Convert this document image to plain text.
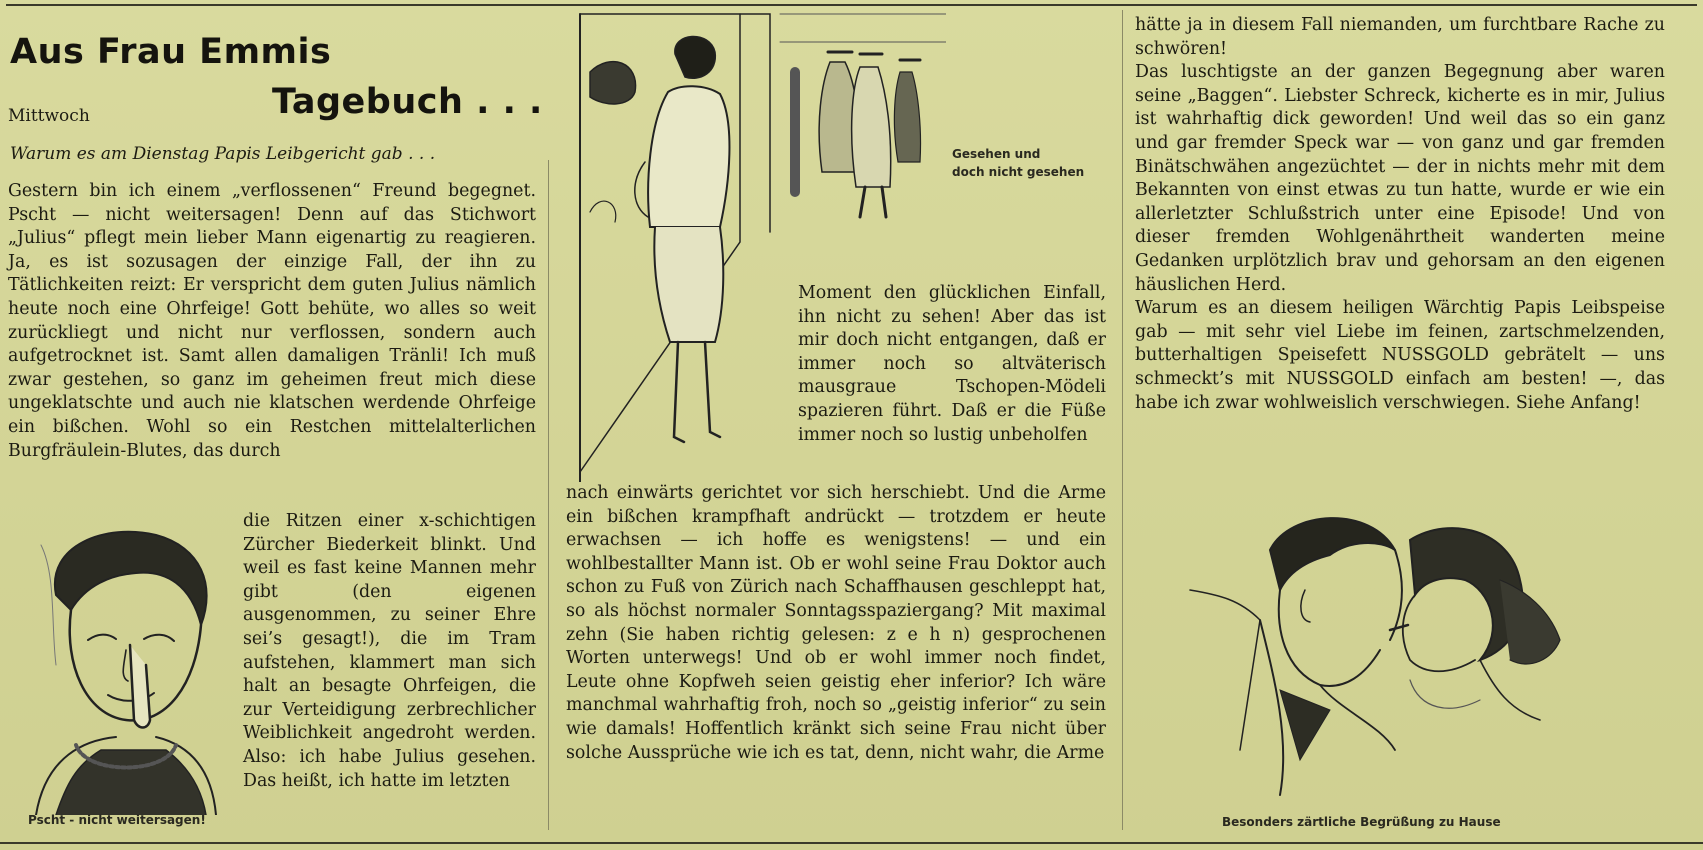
Aus Frau Emmis
Tagebuch . . .
Mittwoch
Warum es am Dienstag Papis Leibgericht gab . . .

Gestern bin ich einem „verflossenen“ Freund begegnet. Pscht — nicht weitersagen! Denn auf das Stichwort „Julius“ pflegt mein lieber Mann eigenartig zu reagieren. Ja, es ist sozusagen der einzige Fall, der ihn zu Tätlichkeiten reizt: Er verspricht dem guten Julius nämlich heute noch eine Ohrfeige! Gott behüte, wo alles so weit zurückliegt und nicht nur verflossen, sondern auch aufgetrocknet ist. Samt allen damaligen Tränli! Ich muß zwar gestehen, so ganz im geheimen freut mich diese ungeklatschte und auch nie klatschen werdende Ohrfeige ein bißchen. Wohl so ein Restchen mittelalterlichen Burgfräulein-Blutes, das durch

die Ritzen einer x-schichtigen Zürcher Biederkeit blinkt. Und weil es fast keine Mannen mehr gibt (den eigenen ausgenommen, zu seiner Ehre sei’s gesagt!), die im Tram aufstehen, klammert man sich halt an besagte Ohrfeigen, die zur Verteidigung zerbrechlicher Weiblichkeit angedroht werden. Also: ich habe Julius gesehen. Das heißt, ich hatte im letzten

Pscht - nicht weitersagen!
Gesehen und
doch nicht gesehen

Moment den glücklichen Einfall, ihn nicht zu sehen! Aber das ist mir doch nicht entgangen, daß er immer noch so altväterisch mausgraue Tschopen-Mödeli spazieren führt. Daß er die Füße immer noch so lustig unbeholfen

nach einwärts gerichtet vor sich herschiebt. Und die Arme ein bißchen krampfhaft andrückt — trotzdem er heute erwachsen — ich hoffe es wenigstens! — und ein wohlbestallter Mann ist. Ob er wohl seine Frau Doktor auch schon zu Fuß von Zürich nach Schaffhausen geschleppt hat, so als höchst normaler Sonntagsspaziergang? Mit maximal zehn (Sie haben richtig gelesen: z e h n) gesprochenen Worten unterwegs! Und ob er wohl immer noch findet, Leute ohne Kopfweh seien geistig eher inferior? Ich wäre manchmal wahrhaftig froh, noch so „geistig inferior“ zu sein wie damals! Hoffentlich kränkt sich seine Frau nicht über solche Aussprüche wie ich es tat, denn, nicht wahr, die Arme

hätte ja in diesem Fall niemanden, um furchtbare Rache zu schwören!

Das luschtigste an der ganzen Begegnung aber waren seine „Baggen“. Liebster Schreck, kicherte es in mir, Julius ist wahrhaftig dick geworden! Und weil das so ein ganz und gar fremder Speck war — von ganz und gar fremden Binätschwähen angezüchtet — der in nichts mehr mit dem Bekannten von einst etwas zu tun hatte, wurde er wie ein allerletzter Schlußstrich unter eine Episode! Und von dieser fremden Wohlgenährtheit wanderten meine Gedanken urplötzlich brav und gehorsam an den eigenen häuslichen Herd.

Warum es an diesem heiligen Wärchtig Papis Leibspeise gab — mit sehr viel Liebe im feinen, zartschmelzenden, butterhaltigen Speisefett NUSSGOLD gebrätelt — uns schmeckt’s mit NUSSGOLD einfach am besten! —, das habe ich zwar wohlweislich verschwiegen. Siehe Anfang!

Besonders zärtliche Begrüßung zu Hause
